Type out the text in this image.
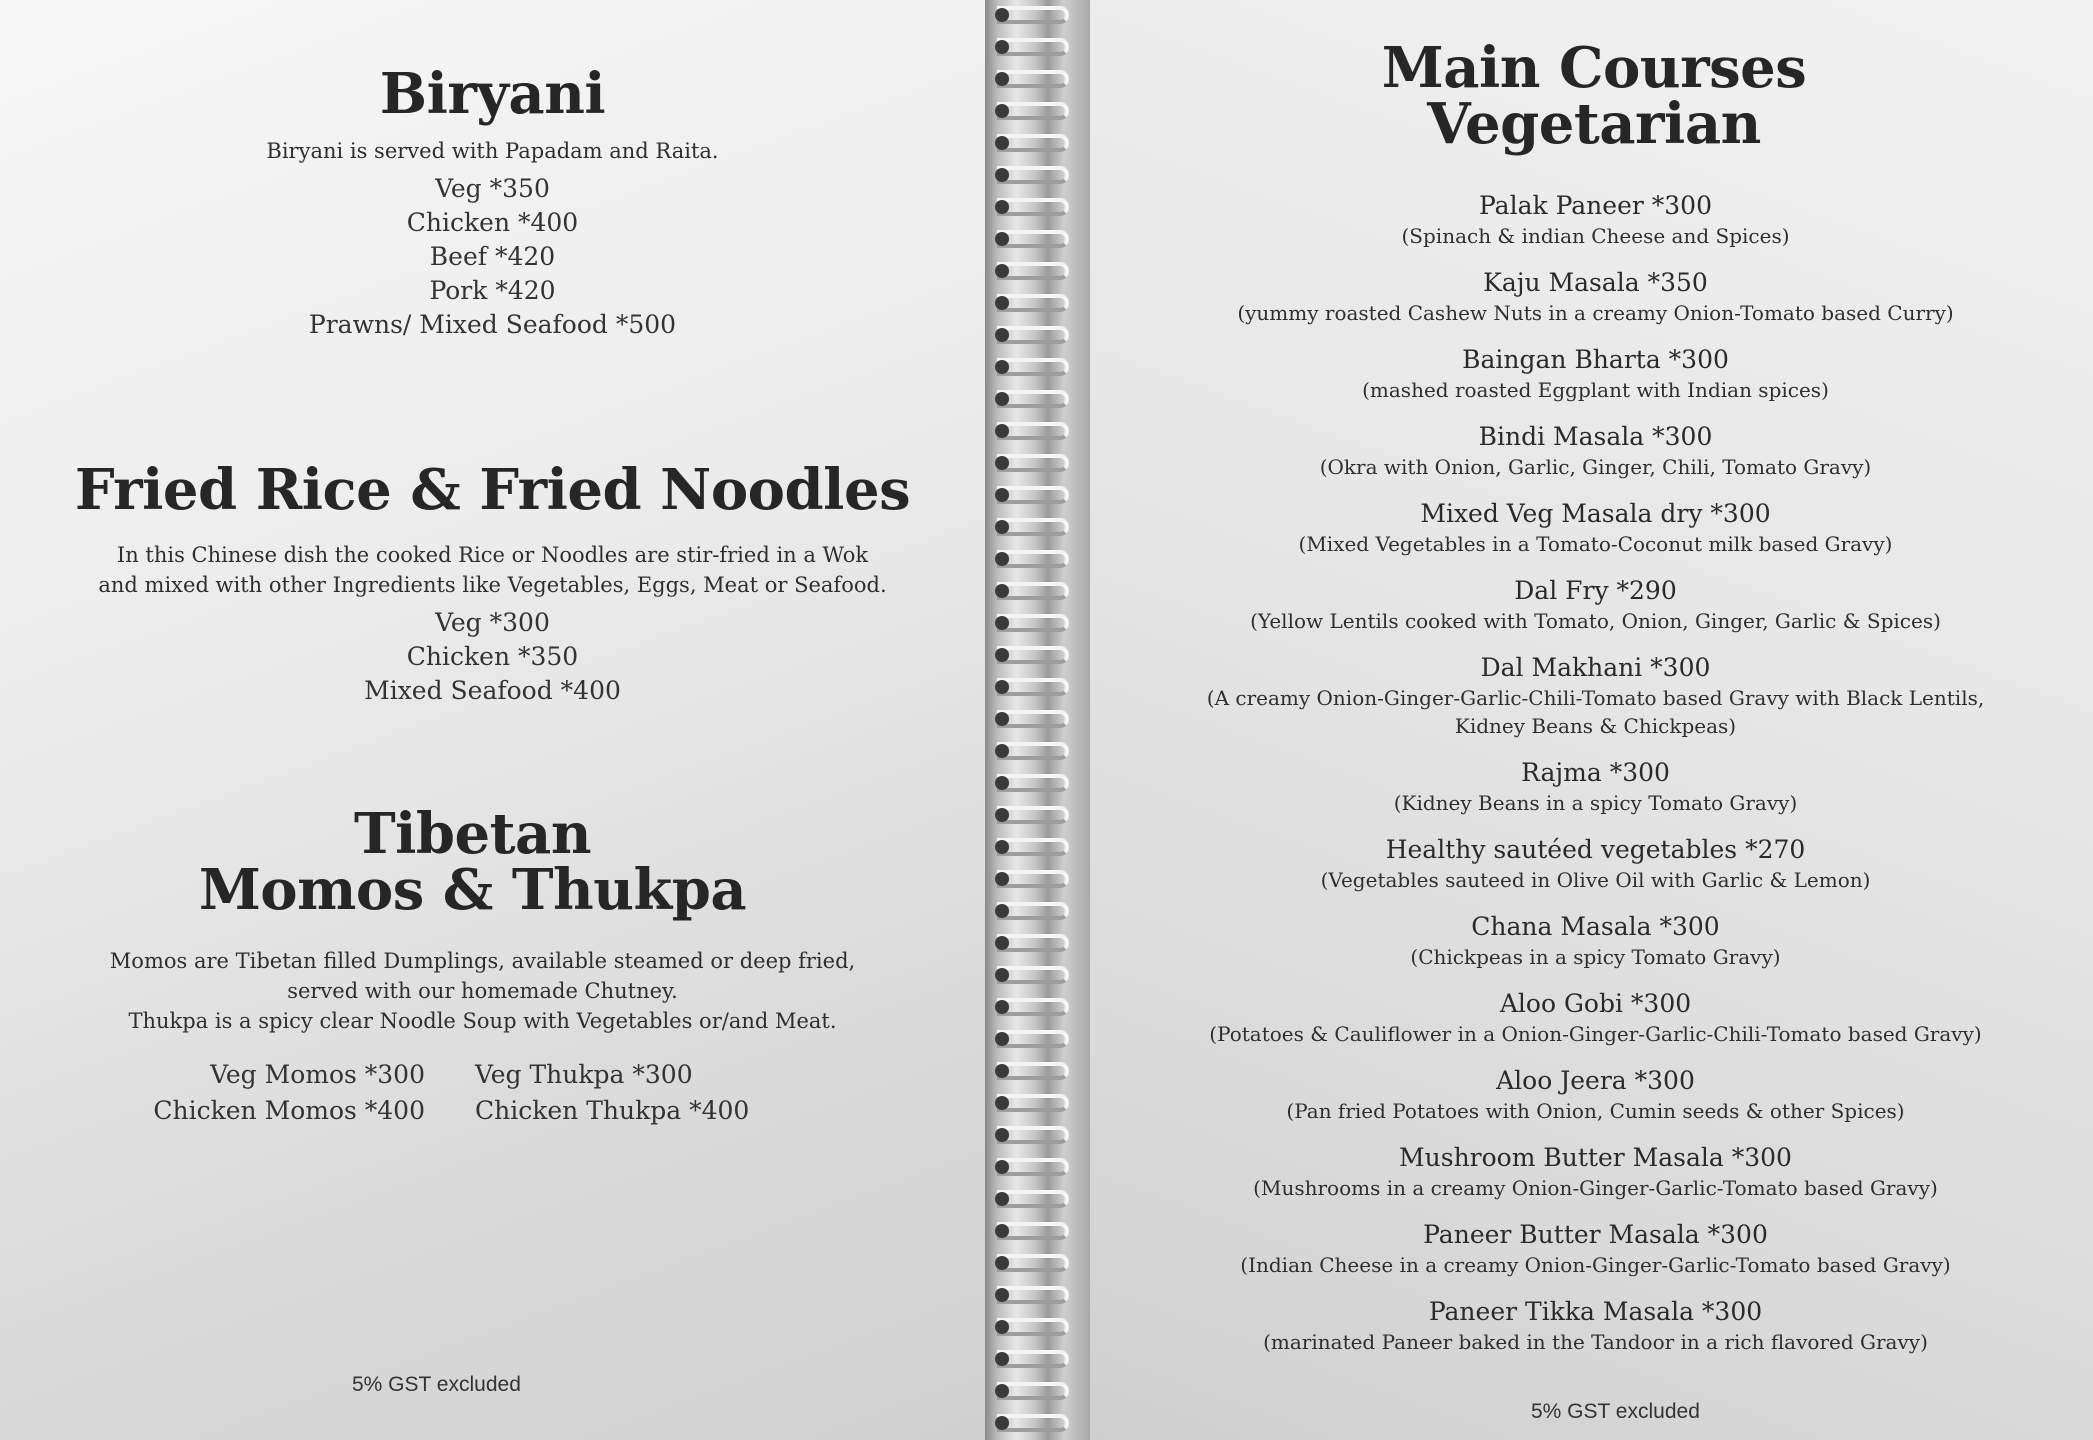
Biryani
Biryani is served with Papadam and Raita.
Veg *350
Chicken *400
Beef *420
Pork *420
Prawns/ Mixed Seafood *500
Fried Rice & Fried Noodles
In this Chinese dish the cooked Rice or Noodles are stir-fried in a Wok
and mixed with other Ingredients like Vegetables, Eggs, Meat or Seafood.
Veg *300
Chicken *350
Mixed Seafood *400
Tibetan
Momos & Thukpa
Momos are Tibetan filled Dumplings, available steamed or deep fried,
served with our homemade Chutney.
Thukpa is a spicy clear Noodle Soup with Vegetables or/and Meat.
Veg Momos *300
Chicken Momos *400
Veg Thukpa *300
Chicken Thukpa *400
5% GST excluded
Main Courses
Vegetarian
Palak Paneer *300
(Spinach & indian Cheese and Spices)
Kaju Masala *350
(yummy roasted Cashew Nuts in a creamy Onion-Tomato based Curry)
Baingan Bharta *300
(mashed roasted Eggplant with Indian spices)
Bindi Masala *300
(Okra with Onion, Garlic, Ginger, Chili, Tomato Gravy)
Mixed Veg Masala dry *300
(Mixed Vegetables in a Tomato-Coconut milk based Gravy)
Dal Fry *290
(Yellow Lentils cooked with Tomato, Onion, Ginger, Garlic & Spices)
Dal Makhani *300
(A creamy Onion-Ginger-Garlic-Chili-Tomato based Gravy with Black Lentils,
Kidney Beans & Chickpeas)
Rajma *300
(Kidney Beans in a spicy Tomato Gravy)
Healthy sautéed vegetables *270
(Vegetables sauteed in Olive Oil with Garlic & Lemon)
Chana Masala *300
(Chickpeas in a spicy Tomato Gravy)
Aloo Gobi *300
(Potatoes & Cauliflower in a Onion-Ginger-Garlic-Chili-Tomato based Gravy)
Aloo Jeera *300
(Pan fried Potatoes with Onion, Cumin seeds & other Spices)
Mushroom Butter Masala *300
(Mushrooms in a creamy Onion-Ginger-Garlic-Tomato based Gravy)
Paneer Butter Masala *300
(Indian Cheese in a creamy Onion-Ginger-Garlic-Tomato based Gravy)
Paneer Tikka Masala *300
(marinated Paneer baked in the Tandoor in a rich flavored Gravy)
5% GST excluded
